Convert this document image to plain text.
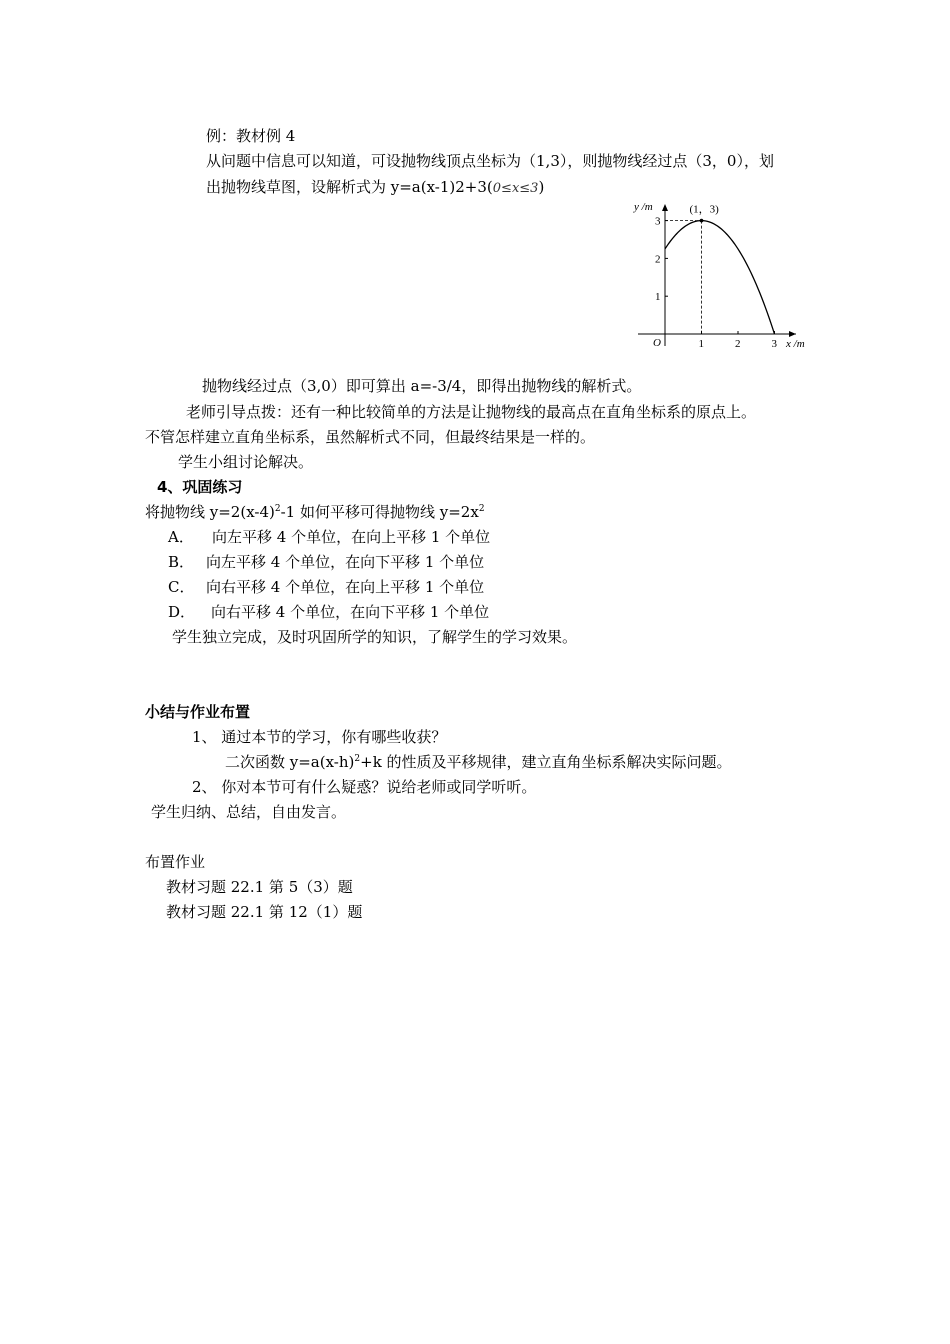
例：教材例 4
从问题中信息可以知道，可设抛物线顶点坐标为（1,3），则抛物线经过点（3，0），划
出抛物线草图，设解析式为 y=a(x-1)2+3(0≤x≤3)
1	2	3
1
2
3
(1，3)
y /m
x /m
O
抛物线经过点（3,0）即可算出 a=-3/4，即得出抛物线的解析式。
老师引导点拨：还有一种比较简单的方法是让抛物线的最高点在直角坐标系的原点上。
不管怎样建立直角坐标系，虽然解析式不同，但最终结果是一样的。
学生小组讨论解决。
4、巩固练习
将抛物线 $y=2(x-4)^2-1$ 如何平移可得抛物线 $y=2x^2$
A． 向左平移 4 个单位，在向上平移 1 个单位
B． 向左平移 4 个单位，在向下平移 1 个单位
C． 向右平移 4 个单位，在向上平移 1 个单位
D． 向右平移 4 个单位，在向下平移 1 个单位
学生独立完成，及时巩固所学的知识，了解学生的学习效果。
小结与作业布置
1、 通过本节的学习，你有哪些收获？
二次函数 $y=a(x-h)^2+k$ 的性质及平移规律，建立直角坐标系解决实际问题。
2、 你对本节可有什么疑惑？说给老师或同学听听。
学生归纳、总结，自由发言。
布置作业
教材习题 22.1 第 5（3）题
教材习题 22.1 第 12（1）题
